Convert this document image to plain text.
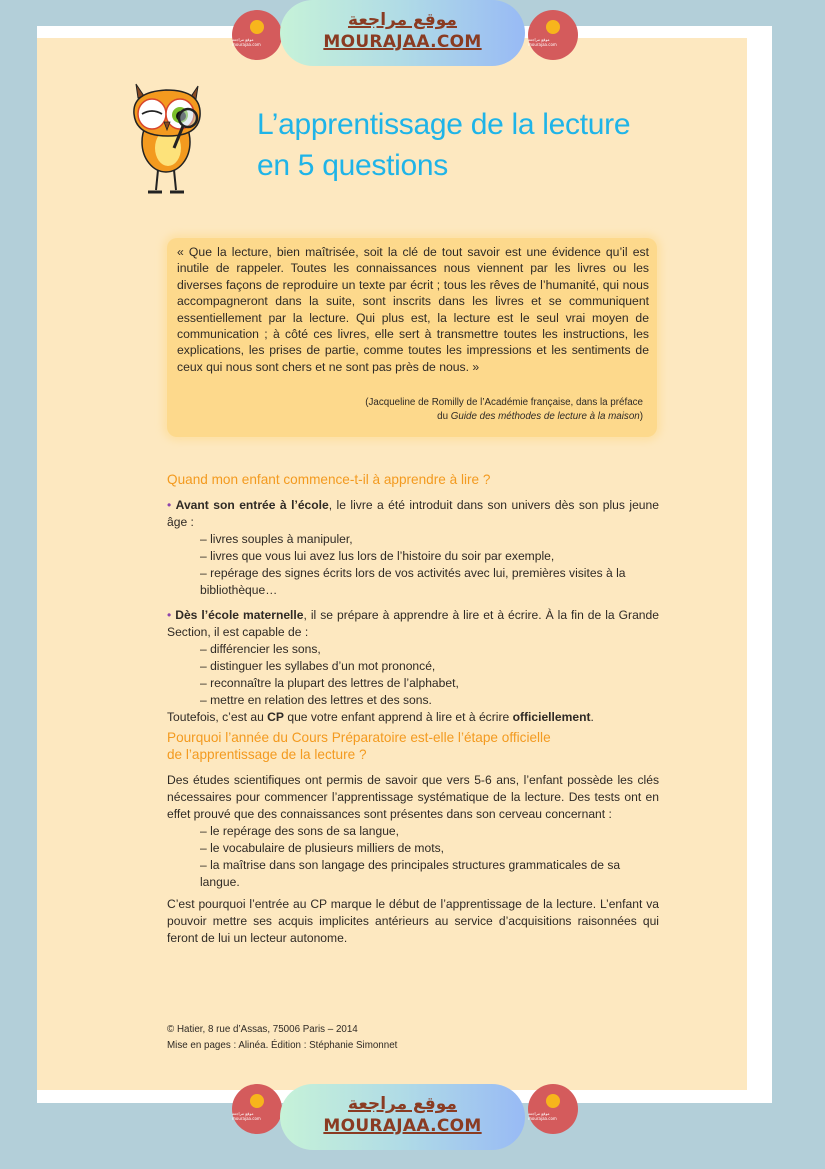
موقع مراجعة mourajaa.com
موقع مراجعة
MOURAJAA.COM	موقع مراجعة mourajaa.com
L’apprentissage de la lecture
en 5 questions

« Que la lecture, bien maîtrisée, soit la clé de tout savoir est une évidence qu’il est inutile de rappeler. Toutes les connaissances nous viennent par les livres ou les diverses façons de reproduire un texte par écrit ; tous les rêves de l’humanité, qui nous accompagneront dans la suite, sont inscrits dans les livres et se communiquent essentiellement par la lecture. Qui plus est, la lecture est le seul vrai moyen de communication ; à côté ces livres, elle sert à transmettre toutes les instructions, les explications, les prises de partie, comme toutes les impressions et les sentiments de ceux qui nous sont chers et ne sont pas près de nous. »

(Jacqueline de Romilly de l’Académie française, dans la préface
du Guide des méthodes de lecture à la maison)
Quand mon enfant commence-t-il à apprendre à lire ?
• Avant son entrée à l’école, le livre a été introduit dans son univers dès son plus jeune âge :
– livres souples à manipuler,
– livres que vous lui avez lus lors de l’histoire du soir par exemple,
– repérage des signes écrits lors de vos activités avec lui, premières visites à la bibliothèque…
• Dès l’école maternelle, il se prépare à apprendre à lire et à écrire. À la fin de la Grande Section, il est capable de :
– différencier les sons,
– distinguer les syllabes d’un mot prononcé,
– reconnaître la plupart des lettres de l’alphabet,
– mettre en relation des lettres et des sons.
Toutefois, c’est au CP que votre enfant apprend à lire et à écrire officiellement.
Pourquoi l’année du Cours Préparatoire est-elle l’étape officielle
de l’apprentissage de la lecture ?
Des études scientifiques ont permis de savoir que vers 5-6 ans, l’enfant possède les clés nécessaires pour commencer l’apprentissage systématique de la lecture. Des tests ont en effet prouvé que des connaissances sont présentes dans son cerveau concernant :
– le repérage des sons de sa langue,
– le vocabulaire de plusieurs milliers de mots,
– la maîtrise dans son langage des principales structures grammaticales de sa langue.
C’est pourquoi l’entrée au CP marque le début de l’apprentissage de la lecture. L’enfant va pouvoir mettre ses acquis implicites antérieurs au service d’acquisitions raisonnées qui feront de lui un lecteur autonome.
© Hatier, 8 rue d’Assas, 75006 Paris – 2014
Mise en pages : Alinéa. Édition : Stéphanie Simonnet
موقع مراجعة mourajaa.com
موقع مراجعة
MOURAJAA.COM
موقع مراجعة mourajaa.com
